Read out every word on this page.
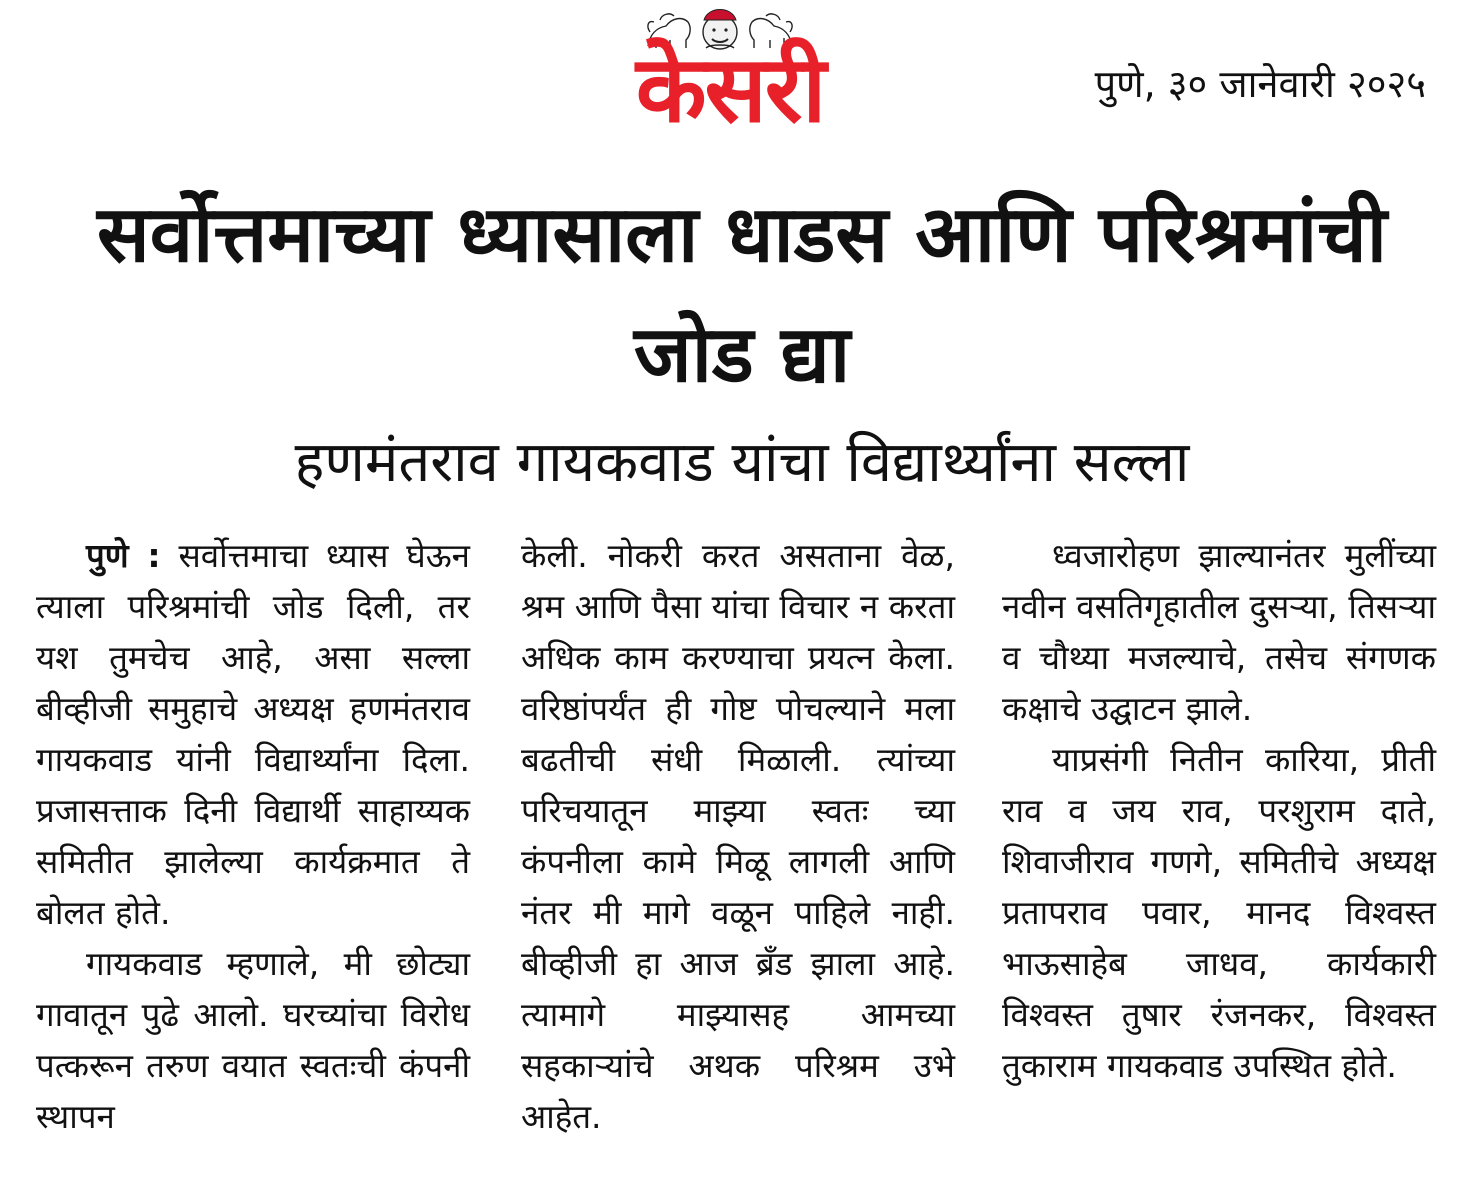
केसरी	पुणे, ३० जानेवारी २०२५
सर्वोत्तमाच्या ध्यासाला धाडस आणि परिश्रमांची जोड द्या
हणमंतराव गायकवाड यांचा विद्यार्थ्यांना सल्ला

पुणे : सर्वोत्तमाचा ध्यास घेऊन त्याला परिश्रमांची जोड दिली, तर यश तुमचेच आहे, असा सल्ला बीव्हीजी समुहाचे अध्यक्ष हणमंतराव गायकवाड यांनी विद्यार्थ्यांना दिला. प्रजासत्ताक दिनी विद्यार्थी साहाय्यक समितीत झालेल्या कार्यक्रमात ते बोलत होते.

गायकवाड म्हणाले, मी छोट्या गावातून पुढे आलो. घरच्यांचा विरोध पत्करून तरुण वयात स्वतःची कंपनी स्थापन

केली. नोकरी करत असताना वेळ, श्रम आणि पैसा यांचा विचार न करता अधिक काम करण्याचा प्रयत्न केला. वरिष्ठांपर्यंत ही गोष्ट पोचल्याने मला बढतीची संधी मिळाली. त्यांच्या परिचयातून माझ्या स्वतः च्या कंपनीला कामे मिळू लागली आणि नंतर मी मागे वळून पाहिले नाही. बीव्हीजी हा आज ब्रँड झाला आहे. त्यामागे माझ्यासह आमच्या सहकाऱ्यांचे अथक परिश्रम उभे आहेत.

ध्वजारोहण झाल्यानंतर मुलींच्या नवीन वसतिगृहातील दुसऱ्या, तिसऱ्या व चौथ्या मजल्याचे, तसेच संगणक कक्षाचे उद्घाटन झाले.

याप्रसंगी नितीन कारिया, प्रीती राव व जय राव, परशुराम दाते, शिवाजीराव गणगे, समितीचे अध्यक्ष प्रतापराव पवार, मानद विश्वस्त भाऊसाहेब जाधव, कार्यकारी विश्वस्त तुषार रंजनकर, विश्वस्त तुकाराम गायकवाड उपस्थित होते.
